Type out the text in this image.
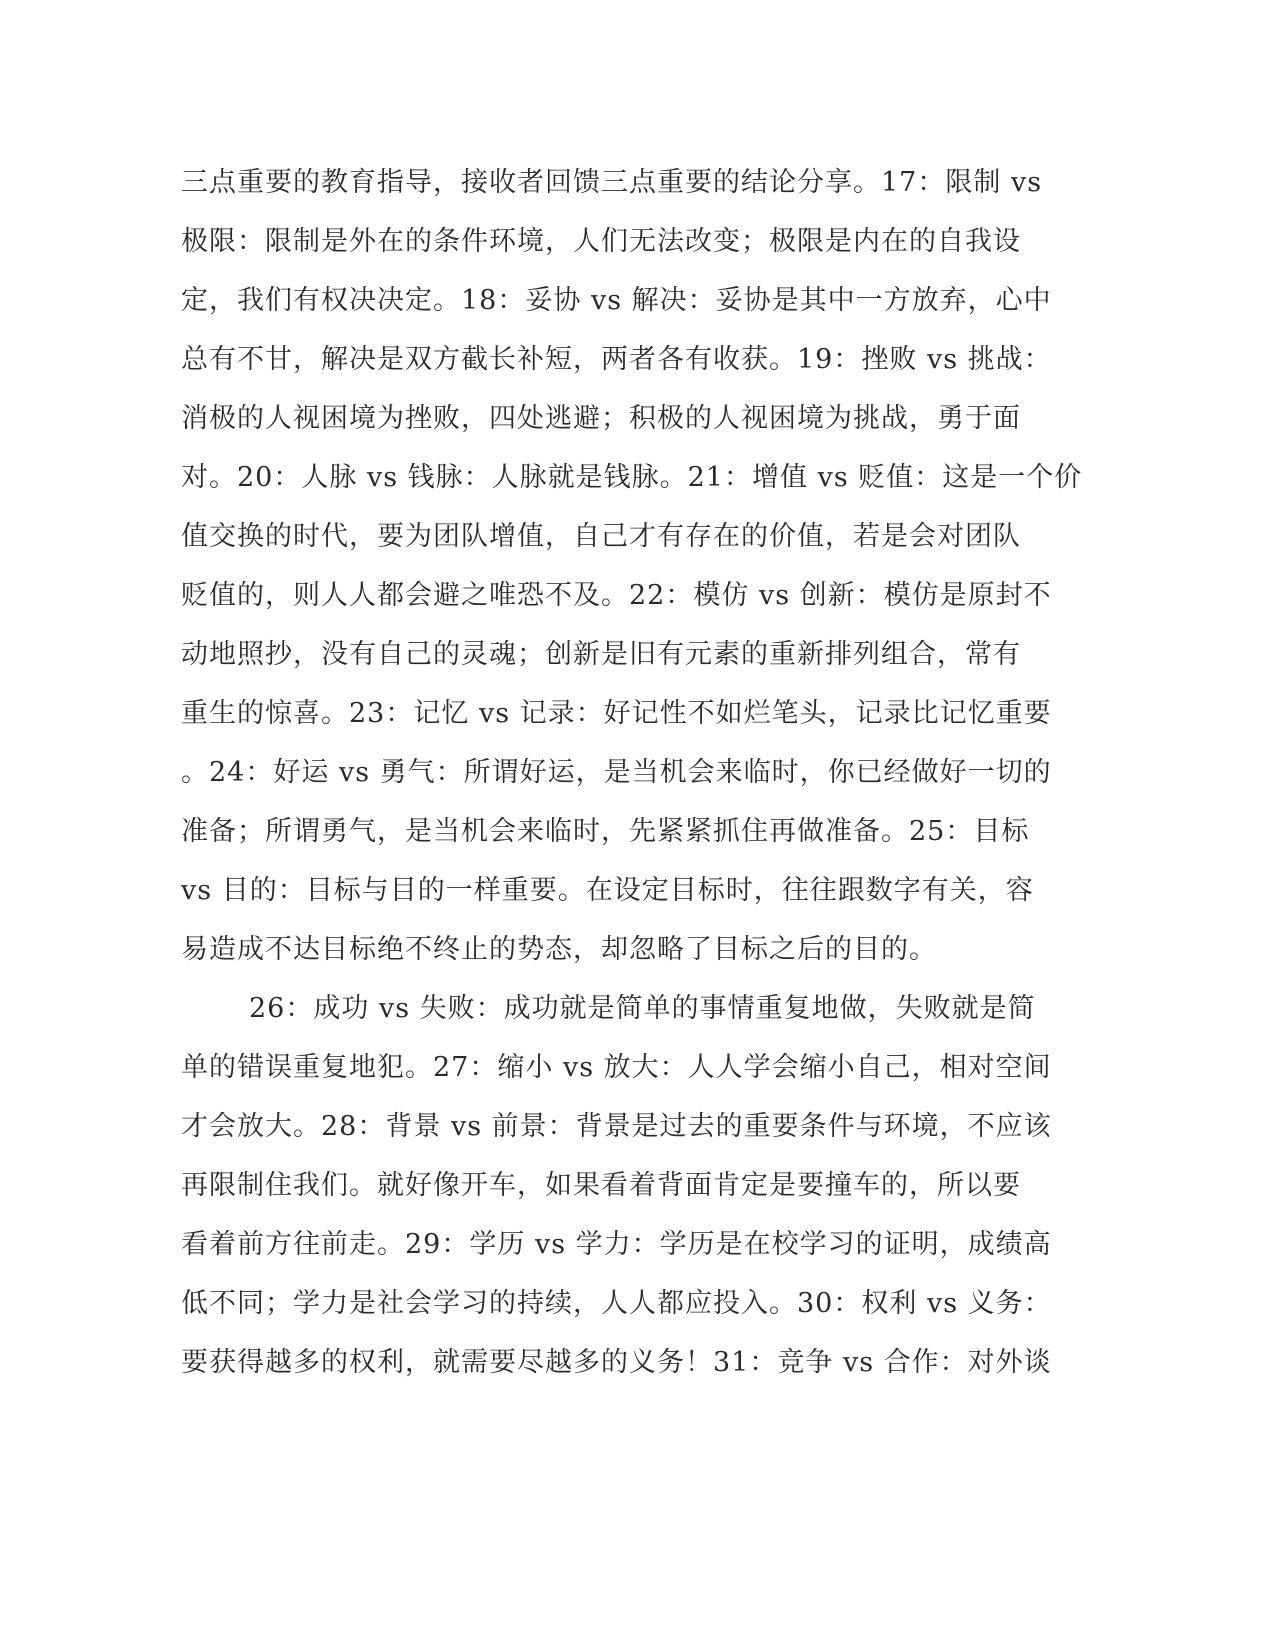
三点重要的教育指导，接收者回馈三点重要的结论分享。17：限制 vs
极限：限制是外在的条件环境，人们无法改变；极限是内在的自我设
定，我们有权决决定。18：妥协 vs 解决：妥协是其中一方放弃，心中
总有不甘，解决是双方截长补短，两者各有收获。19：挫败 vs 挑战：
消极的人视困境为挫败，四处逃避；积极的人视困境为挑战，勇于面
对。20：人脉 vs 钱脉：人脉就是钱脉。21：增值 vs 贬值：这是一个价
值交换的时代，要为团队增值，自己才有存在的价值，若是会对团队
贬值的，则人人都会避之唯恐不及。22：模仿 vs 创新：模仿是原封不
动地照抄，没有自己的灵魂；创新是旧有元素的重新排列组合，常有
重生的惊喜。23：记忆 vs 记录：好记性不如烂笔头，记录比记忆重要
。24：好运 vs 勇气：所谓好运，是当机会来临时，你已经做好一切的
准备；所谓勇气，是当机会来临时，先紧紧抓住再做准备。25：目标
vs 目的：目标与目的一样重要。在设定目标时，往往跟数字有关，容
易造成不达目标绝不终止的势态，却忽略了目标之后的目的。
26：成功 vs 失败：成功就是简单的事情重复地做，失败就是简
单的错误重复地犯。27：缩小 vs 放大：人人学会缩小自己，相对空间
才会放大。28：背景 vs 前景：背景是过去的重要条件与环境，不应该
再限制住我们。就好像开车，如果看着背面肯定是要撞车的，所以要
看着前方往前走。29：学历 vs 学力：学历是在校学习的证明，成绩高
低不同；学力是社会学习的持续，人人都应投入。30：权利 vs 义务：
要获得越多的权利，就需要尽越多的义务！31：竞争 vs 合作：对外谈
